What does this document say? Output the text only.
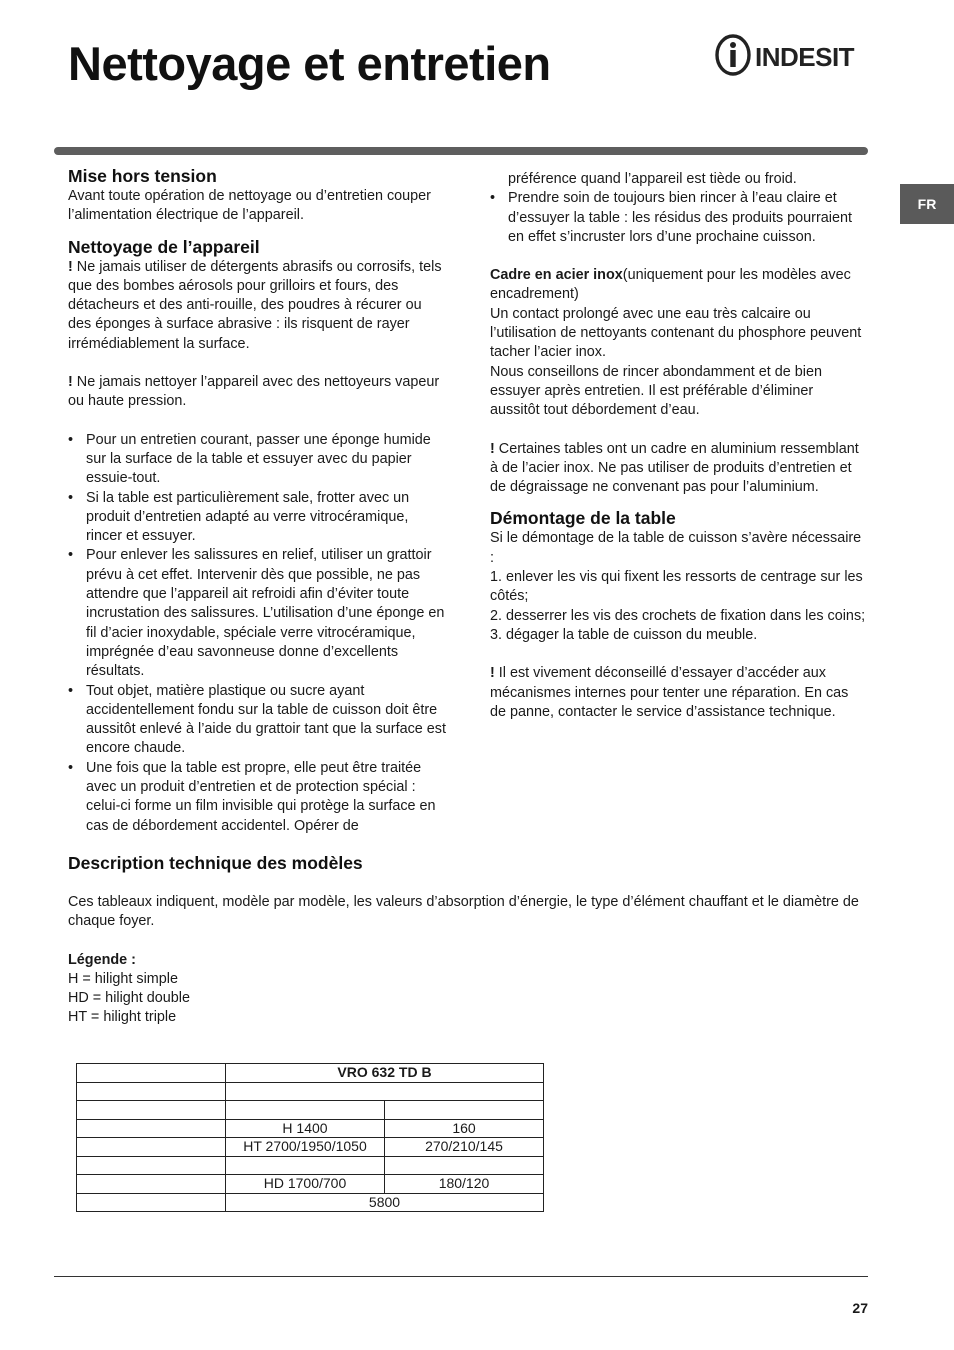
Nettoyage et entretien	INDESIT
FR
Mise hors tension

Avant toute opération de nettoyage ou d’entretien couper l’alimentation électrique de l’appareil.

Nettoyage de l’appareil

! Ne jamais utiliser de détergents abrasifs ou corrosifs, tels que des bombes aérosols pour grilloirs et fours, des détacheurs et des anti-rouille, des poudres à récurer ou des éponges à surface abrasive : ils risquent de rayer irrémédiablement la surface.

! Ne jamais nettoyer l’appareil avec des nettoyeurs vapeur ou haute pression.

• Pour un entretien courant, passer une éponge humide sur la surface de la table et essuyer avec du papier essuie-tout.
• Si la table est particulièrement sale, frotter avec un produit d’entretien adapté au verre vitrocéramique, rincer et essuyer.
• Pour enlever les salissures en relief, utiliser un grattoir prévu à cet effet. Intervenir dès que possible, ne pas attendre que l’appareil ait refroidi afin d’éviter toute incrustation des salissures. L’utilisation d’une éponge en fil d’acier inoxydable, spéciale verre vitrocéramique, imprégnée d’eau savonneuse donne d’excellents résultats.
• Tout objet, matière plastique ou sucre ayant accidentellement fondu sur la table de cuisson doit être aussitôt enlevé à l’aide du grattoir tant que la surface est encore chaude.
• Une fois que la table est propre, elle peut être traitée avec un produit d’entretien et de protection spécial : celui-ci forme un film invisible qui protège la surface en cas de débordement accidentel. Opérer de

préférence quand l’appareil est tiède ou froid.

• Prendre soin de toujours bien rincer à l’eau claire et d’essuyer la table : les résidus des produits pourraient en effet s’incruster lors d’une prochaine cuisson.

Cadre en acier inox(uniquement pour les modèles avec encadrement)

Un contact prolongé avec une eau très calcaire ou l’utilisation de nettoyants contenant du phosphore peuvent tacher l’acier inox.

Nous conseillons de rincer abondamment et de bien essuyer après entretien. Il est préférable d’éliminer aussitôt tout débordement d’eau.

! Certaines tables ont un cadre en aluminium ressemblant à de l’acier inox. Ne pas utiliser de produits d’entretien et de dégraissage ne convenant pas pour l’aluminium.

Démontage de la table

Si le démontage de la table de cuisson s’avère nécessaire :

1. enlever les vis qui fixent les ressorts de centrage sur les côtés;

2. desserrer les vis des crochets de fixation dans les coins;

3. dégager la table de cuisson du meuble.

! Il est vivement déconseillé d’essayer d’accéder aux mécanismes internes pour tenter une réparation. En cas de panne, contacter le service d’assistance technique.

Description technique des modèles

Ces tableaux indiquent, modèle par modèle, les valeurs d’absorption d’énergie, le type d’élément chauffant et le diamètre de chaque foyer.

Légende :

H = hilight simple

HD = hilight double

HT = hilight triple

	VRO 632 TD B	

	H 1400	160
	HT 2700/1950/1050	270/210/145

	HD 1700/700	180/120
	5800	
27
